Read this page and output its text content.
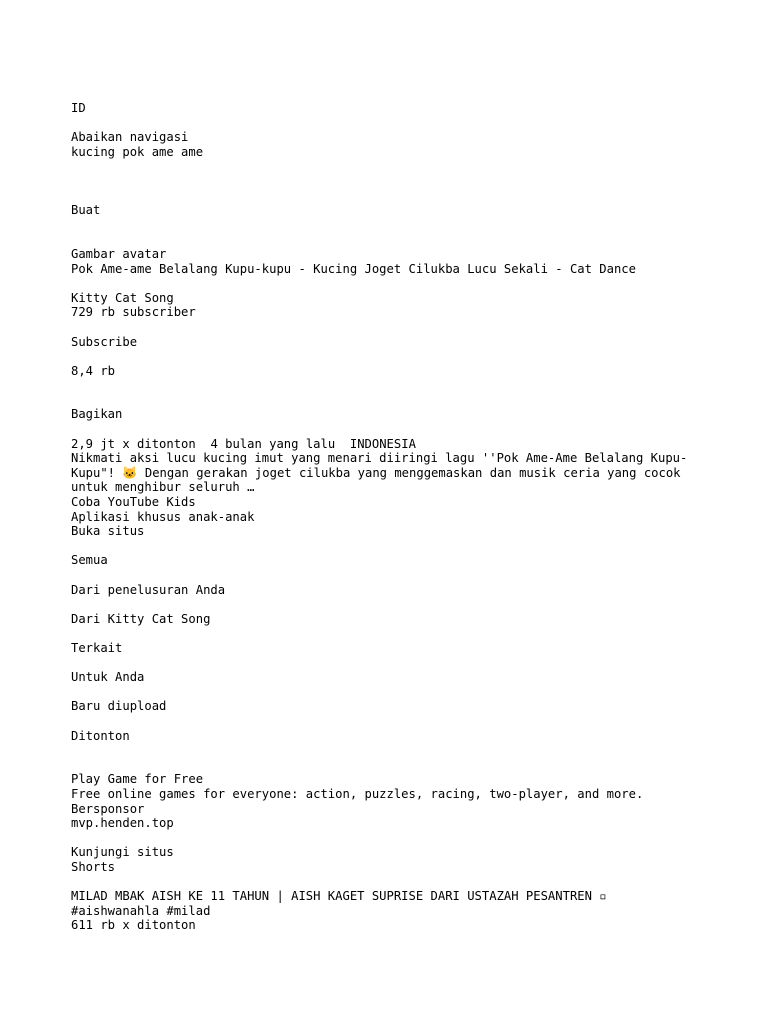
ID
Abaikan navigasi
kucing pok ame ame
Buat
Gambar avatar
Pok Ame-ame Belalang Kupu-kupu - Kucing Joget Cilukba Lucu Sekali - Cat Dance
Kitty Cat Song
729 rb subscriber
Subscribe
8,4 rb
Bagikan
2,9 jt x ditonton 4 bulan yang lalu INDONESIA
Nikmati aksi lucu kucing imut yang menari diiringi lagu ''Pok Ame-Ame Belalang Kupu-Kupu"! 🐱 Dengan gerakan joget cilukba yang menggemaskan dan musik ceria yang cocok untuk menghibur seluruh …
Coba YouTube Kids
Aplikasi khusus anak-anak
Buka situs
Semua
Dari penelusuran Anda
Dari Kitty Cat Song
Terkait
Untuk Anda
Baru diupload
Ditonton
Play Game for Free
Free online games for everyone: action, puzzles, racing, two-player, and more.
Bersponsor
mvp.henden.top
Kunjungi situs
Shorts
MILAD MBAK AISH KE 11 TAHUN | AISH KAGET SUPRISE DARI USTAZAH PESANTREN ▫ #aishwanahla #milad
611 rb x ditonton
